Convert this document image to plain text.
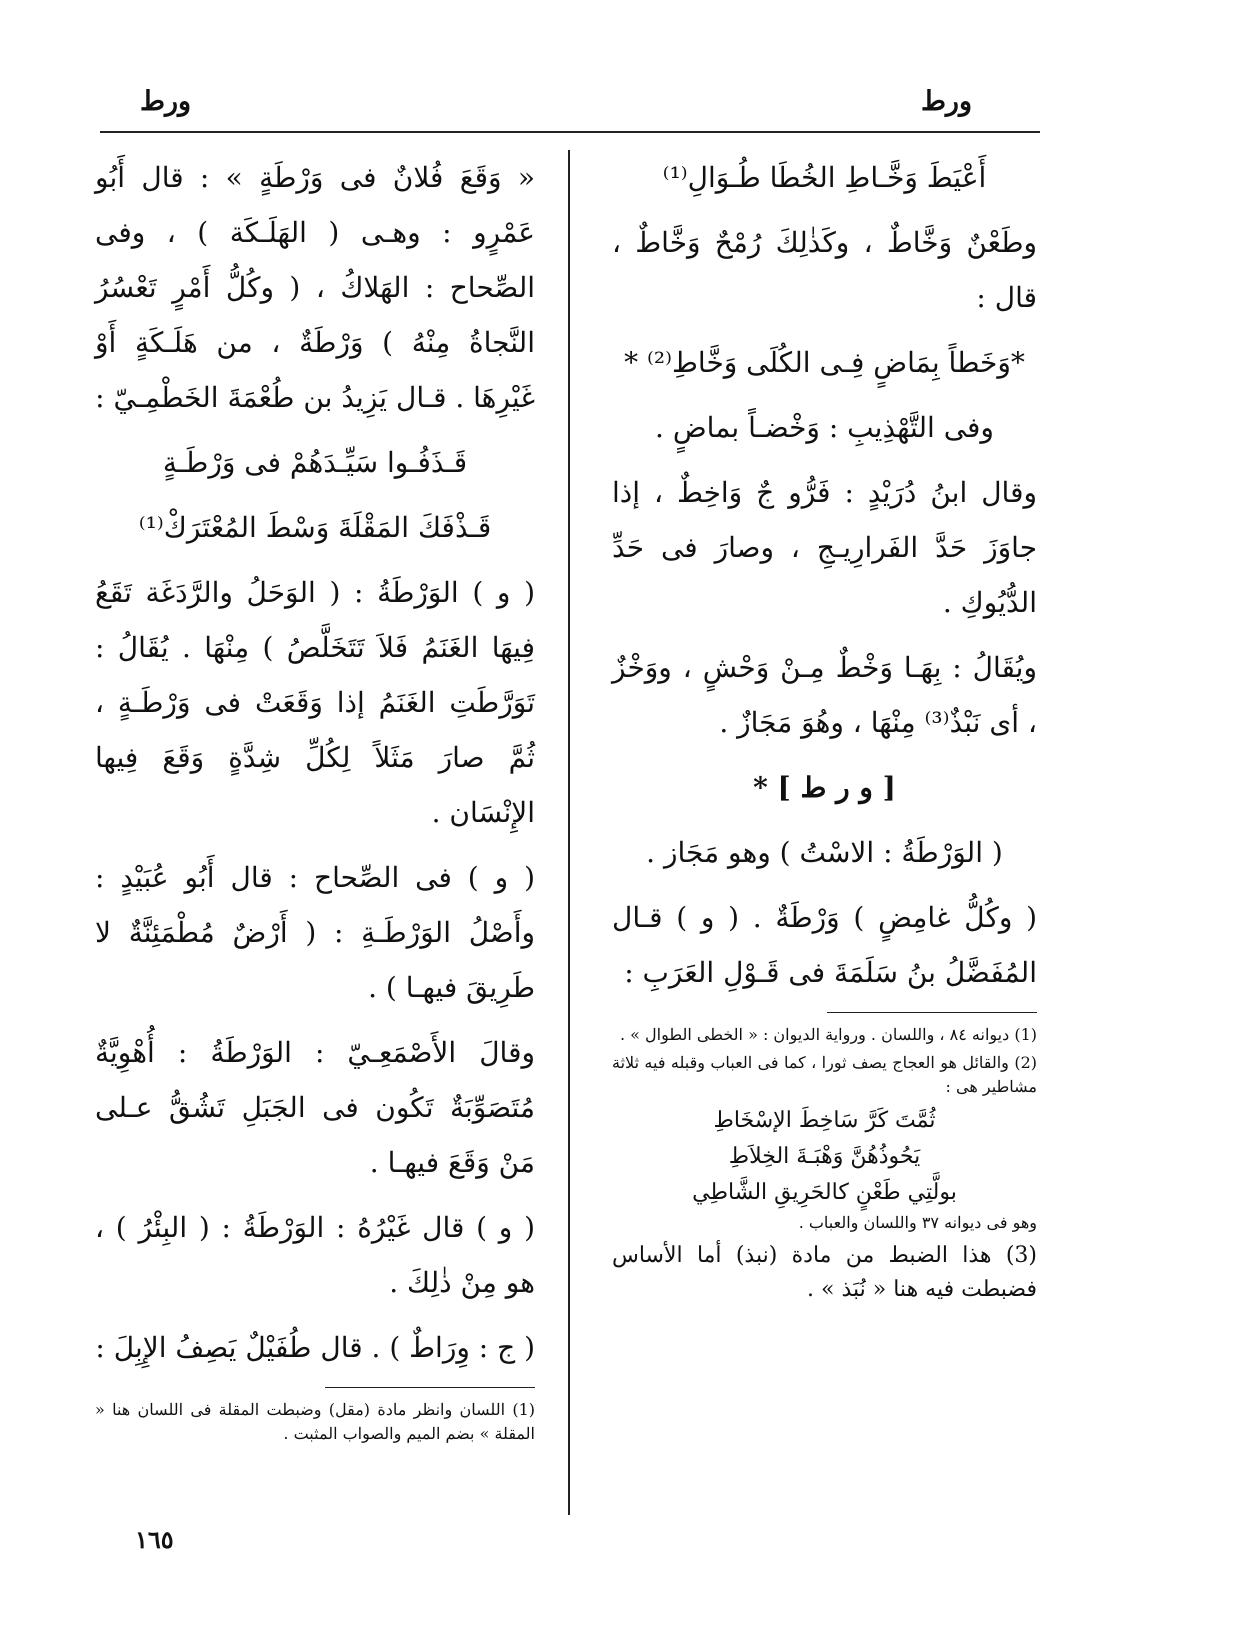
ورط
ورط

أَعْيَطَ وَخَّـاطِ الخُطَا طُـوَالِ⁽¹⁾

وطَعْنٌ وَخَّاطٌ ، وكَذٰلِكَ رُمْحٌ وَخَّاطٌ ، قال :

*وَخَطاً بِمَاضٍ فِـى الكُلَى وَخَّاطِ⁽²⁾ *

وفى التَّهْذِيبِ : وَخْضـاً بماضٍ .

وقال ابنُ دُرَيْدٍ : فَرُّو جٌ وَاخِطٌ ، إذا جاوَزَ حَدَّ الفَرارِيـجِ ، وصارَ فى حَدِّ الدُّيُوكِ .

ويُقَالُ : بِهَـا وَخْطٌ مِـنْ وَحْشٍ ، ووَخْزٌ ، أى نَبْذٌ⁽³⁾ مِنْهَا ، وهُوَ مَجَازٌ .

[ و ر ط ] *

( الوَرْطَةُ : الاسْتُ ) وهو مَجَاز .

( وكُلُّ غامِضٍ ) وَرْطَةٌ . ( و ) قـال المُفَضَّلُ بنُ سَلَمَةَ فى قَـوْلِ العَرَبِ :

(1) ديوانه ٨٤ ، واللسان . ورواية الديوان : « الخطى الطوال » .

(2) والقائل هو العجاج يصف ثورا ، كما فى العباب وقبله فيه ثلاثة مشاطير هى :

ثُمَّتَ كَرَّ سَاخِطَ الإسْخَاطِ

يَحُوذُهُنَّ وَهْبَـةَ الخِلاَطِ

بولَّتِي طَعْنٍ كالحَرِيقِ الشَّاطِي

وهو فى ديوانه ٣٧ واللسان والعباب .

(3) هذا الضبط من مادة (نبذ) أما الأساس فضبطت فيه هنا « نُبَذ » .

« وَقَعَ فُلانٌ فى وَرْطَةٍ » : قال أَبُو عَمْرٍو : وهـى ( الهَلَـكَة ) ، وفى الصِّحاح : الهَلاكُ ، ( وكُلُّ أَمْرٍ تَعْسُرُ النَّجاةُ مِنْهُ ) وَرْطَةٌ ، من هَلَـكَةٍ أَوْ غَيْرِهَا . قـال يَزِيدُ بن طُعْمَةَ الخَطْمِـيّ :

قَـذَفُـوا سَيِّـدَهُمْ فى وَرْطَـةٍ

قَـذْفَكَ المَقْلَةَ وَسْطَ المُعْتَرَكْ⁽¹⁾

( و ) الوَرْطَةُ : ( الوَحَلُ والرَّدَغَة تَقَعُ فِيهَا الغَنَمُ فَلاَ تَتَخَلَّصُ ) مِنْهَا . يُقَالُ : تَوَرَّطَتِ الغَنَمُ إذا وَقَعَتْ فى وَرْطَـةٍ ، ثُمَّ صارَ مَثَلاً لِكُلِّ شِدَّةٍ وَقَعَ فِيها الإِنْسَان .

( و ) فى الصِّحاح : قال أَبُو عُبَيْدٍ : وأَصْلُ الوَرْطَـةِ : ( أَرْضٌ مُطْمَئِنَّةٌ لا طَرِيقَ فيهـا ) .

وقالَ الأَصْمَعِـيّ : الوَرْطَةُ : أُهْوِيَّةٌ مُتَصَوِّبَةٌ تَكُون فى الجَبَلِ تَشُقُّ عـلى مَنْ وَقَعَ فيهـا .

( و ) قال غَيْرُهُ : الوَرْطَةُ : ( البِئْرُ ) ، هو مِنْ ذٰلِكَ .

( ج : وِرَاطٌ ) . قال طُفَيْلٌ يَصِفُ الإِبِلَ :

(1) اللسان وانظر مادة (مقل) وضبطت المقلة فى اللسان هنا « المقلة » بضم الميم والصواب المثبت .

١٦٥
